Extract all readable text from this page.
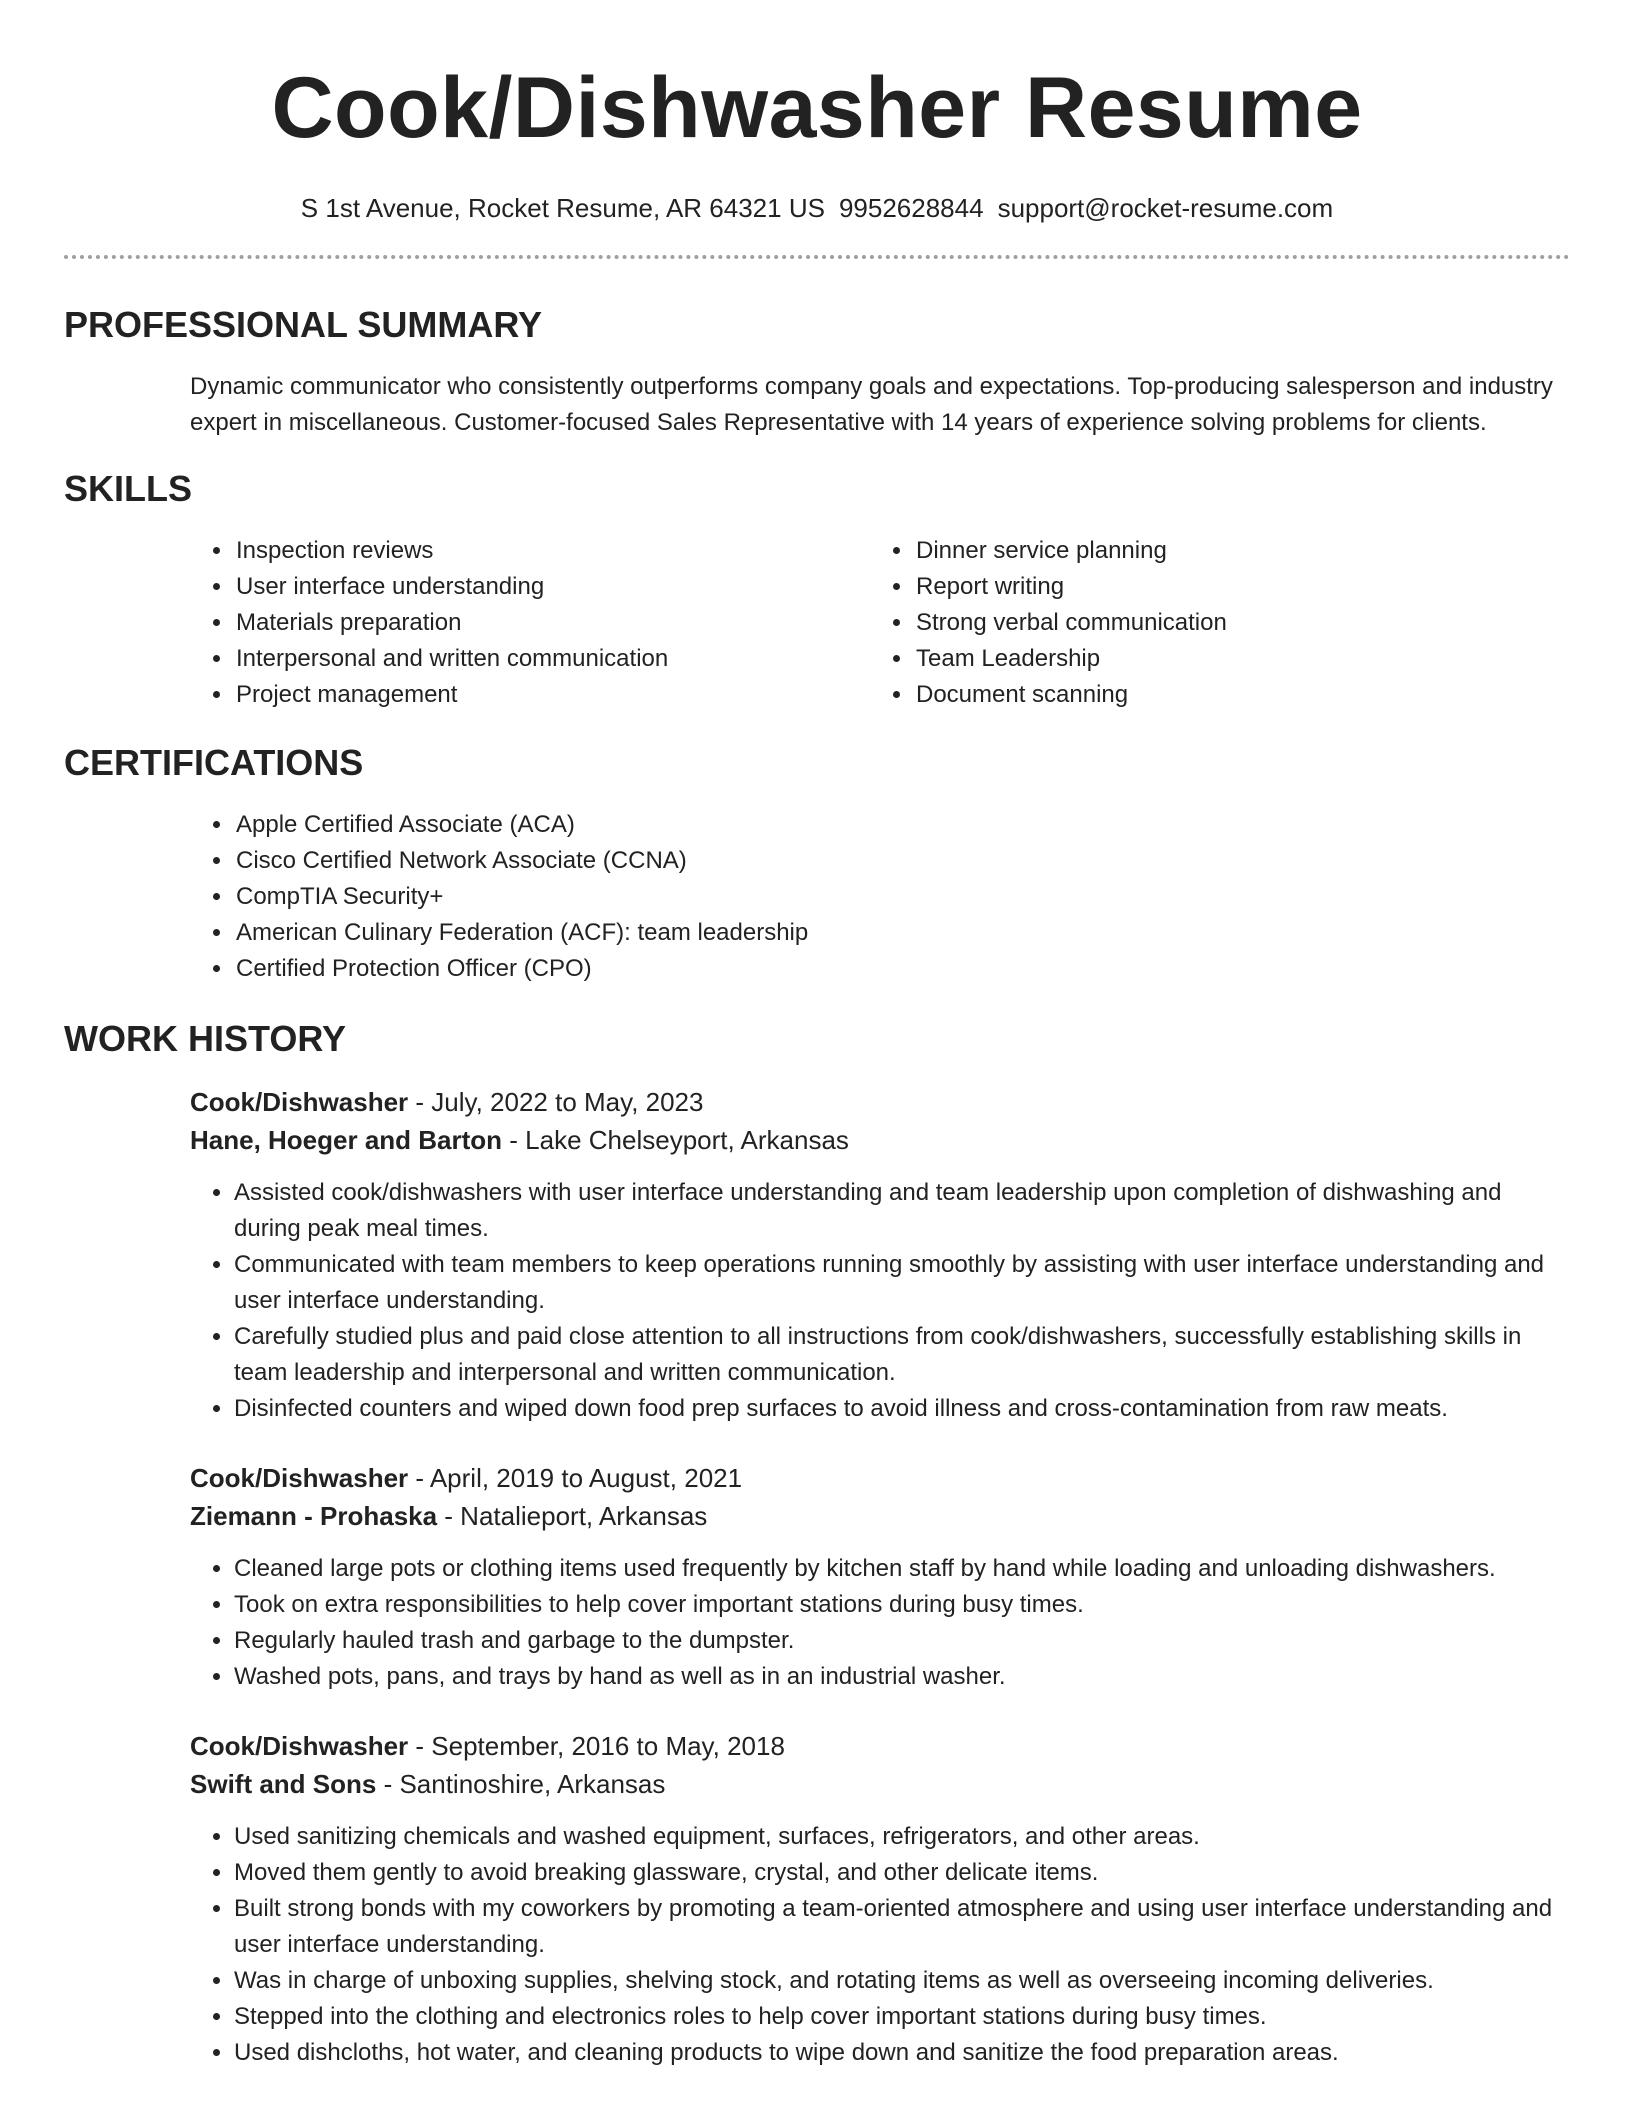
Cook/Dishwasher Resume
S 1st Avenue, Rocket Resume, AR 64321 US 9952628844 support@rocket-resume.com
PROFESSIONAL SUMMARY

Dynamic communicator who consistently outperforms company goals and expectations. Top-producing salesperson and industry expert in miscellaneous. Customer-focused Sales Representative with 14 years of experience solving problems for clients.

SKILLS
• Inspection reviews
• User interface understanding
• Materials preparation
• Interpersonal and written communication
• Project management
• Dinner service planning
• Report writing
• Strong verbal communication
• Team Leadership
• Document scanning
CERTIFICATIONS
• Apple Certified Associate (ACA)
• Cisco Certified Network Associate (CCNA)
• CompTIA Security+
• American Culinary Federation (ACF): team leadership
• Certified Protection Officer (CPO)
WORK HISTORY
Cook/Dishwasher - July, 2022 to May, 2023
Hane, Hoeger and Barton - Lake Chelseyport, Arkansas
• Assisted cook/dishwashers with user interface understanding and team leadership upon completion of dishwashing and during peak meal times.
• Communicated with team members to keep operations running smoothly by assisting with user interface understanding and user interface understanding.
• Carefully studied plus and paid close attention to all instructions from cook/dishwashers, successfully establishing skills in team leadership and interpersonal and written communication.
• Disinfected counters and wiped down food prep surfaces to avoid illness and cross-contamination from raw meats.
Cook/Dishwasher - April, 2019 to August, 2021
Ziemann - Prohaska - Natalieport, Arkansas
• Cleaned large pots or clothing items used frequently by kitchen staff by hand while loading and unloading dishwashers.
• Took on extra responsibilities to help cover important stations during busy times.
• Regularly hauled trash and garbage to the dumpster.
• Washed pots, pans, and trays by hand as well as in an industrial washer.
Cook/Dishwasher - September, 2016 to May, 2018
Swift and Sons - Santinoshire, Arkansas
• Used sanitizing chemicals and washed equipment, surfaces, refrigerators, and other areas.
• Moved them gently to avoid breaking glassware, crystal, and other delicate items.
• Built strong bonds with my coworkers by promoting a team-oriented atmosphere and using user interface understanding and user interface understanding.
• Was in charge of unboxing supplies, shelving stock, and rotating items as well as overseeing incoming deliveries.
• Stepped into the clothing and electronics roles to help cover important stations during busy times.
• Used dishcloths, hot water, and cleaning products to wipe down and sanitize the food preparation areas.
